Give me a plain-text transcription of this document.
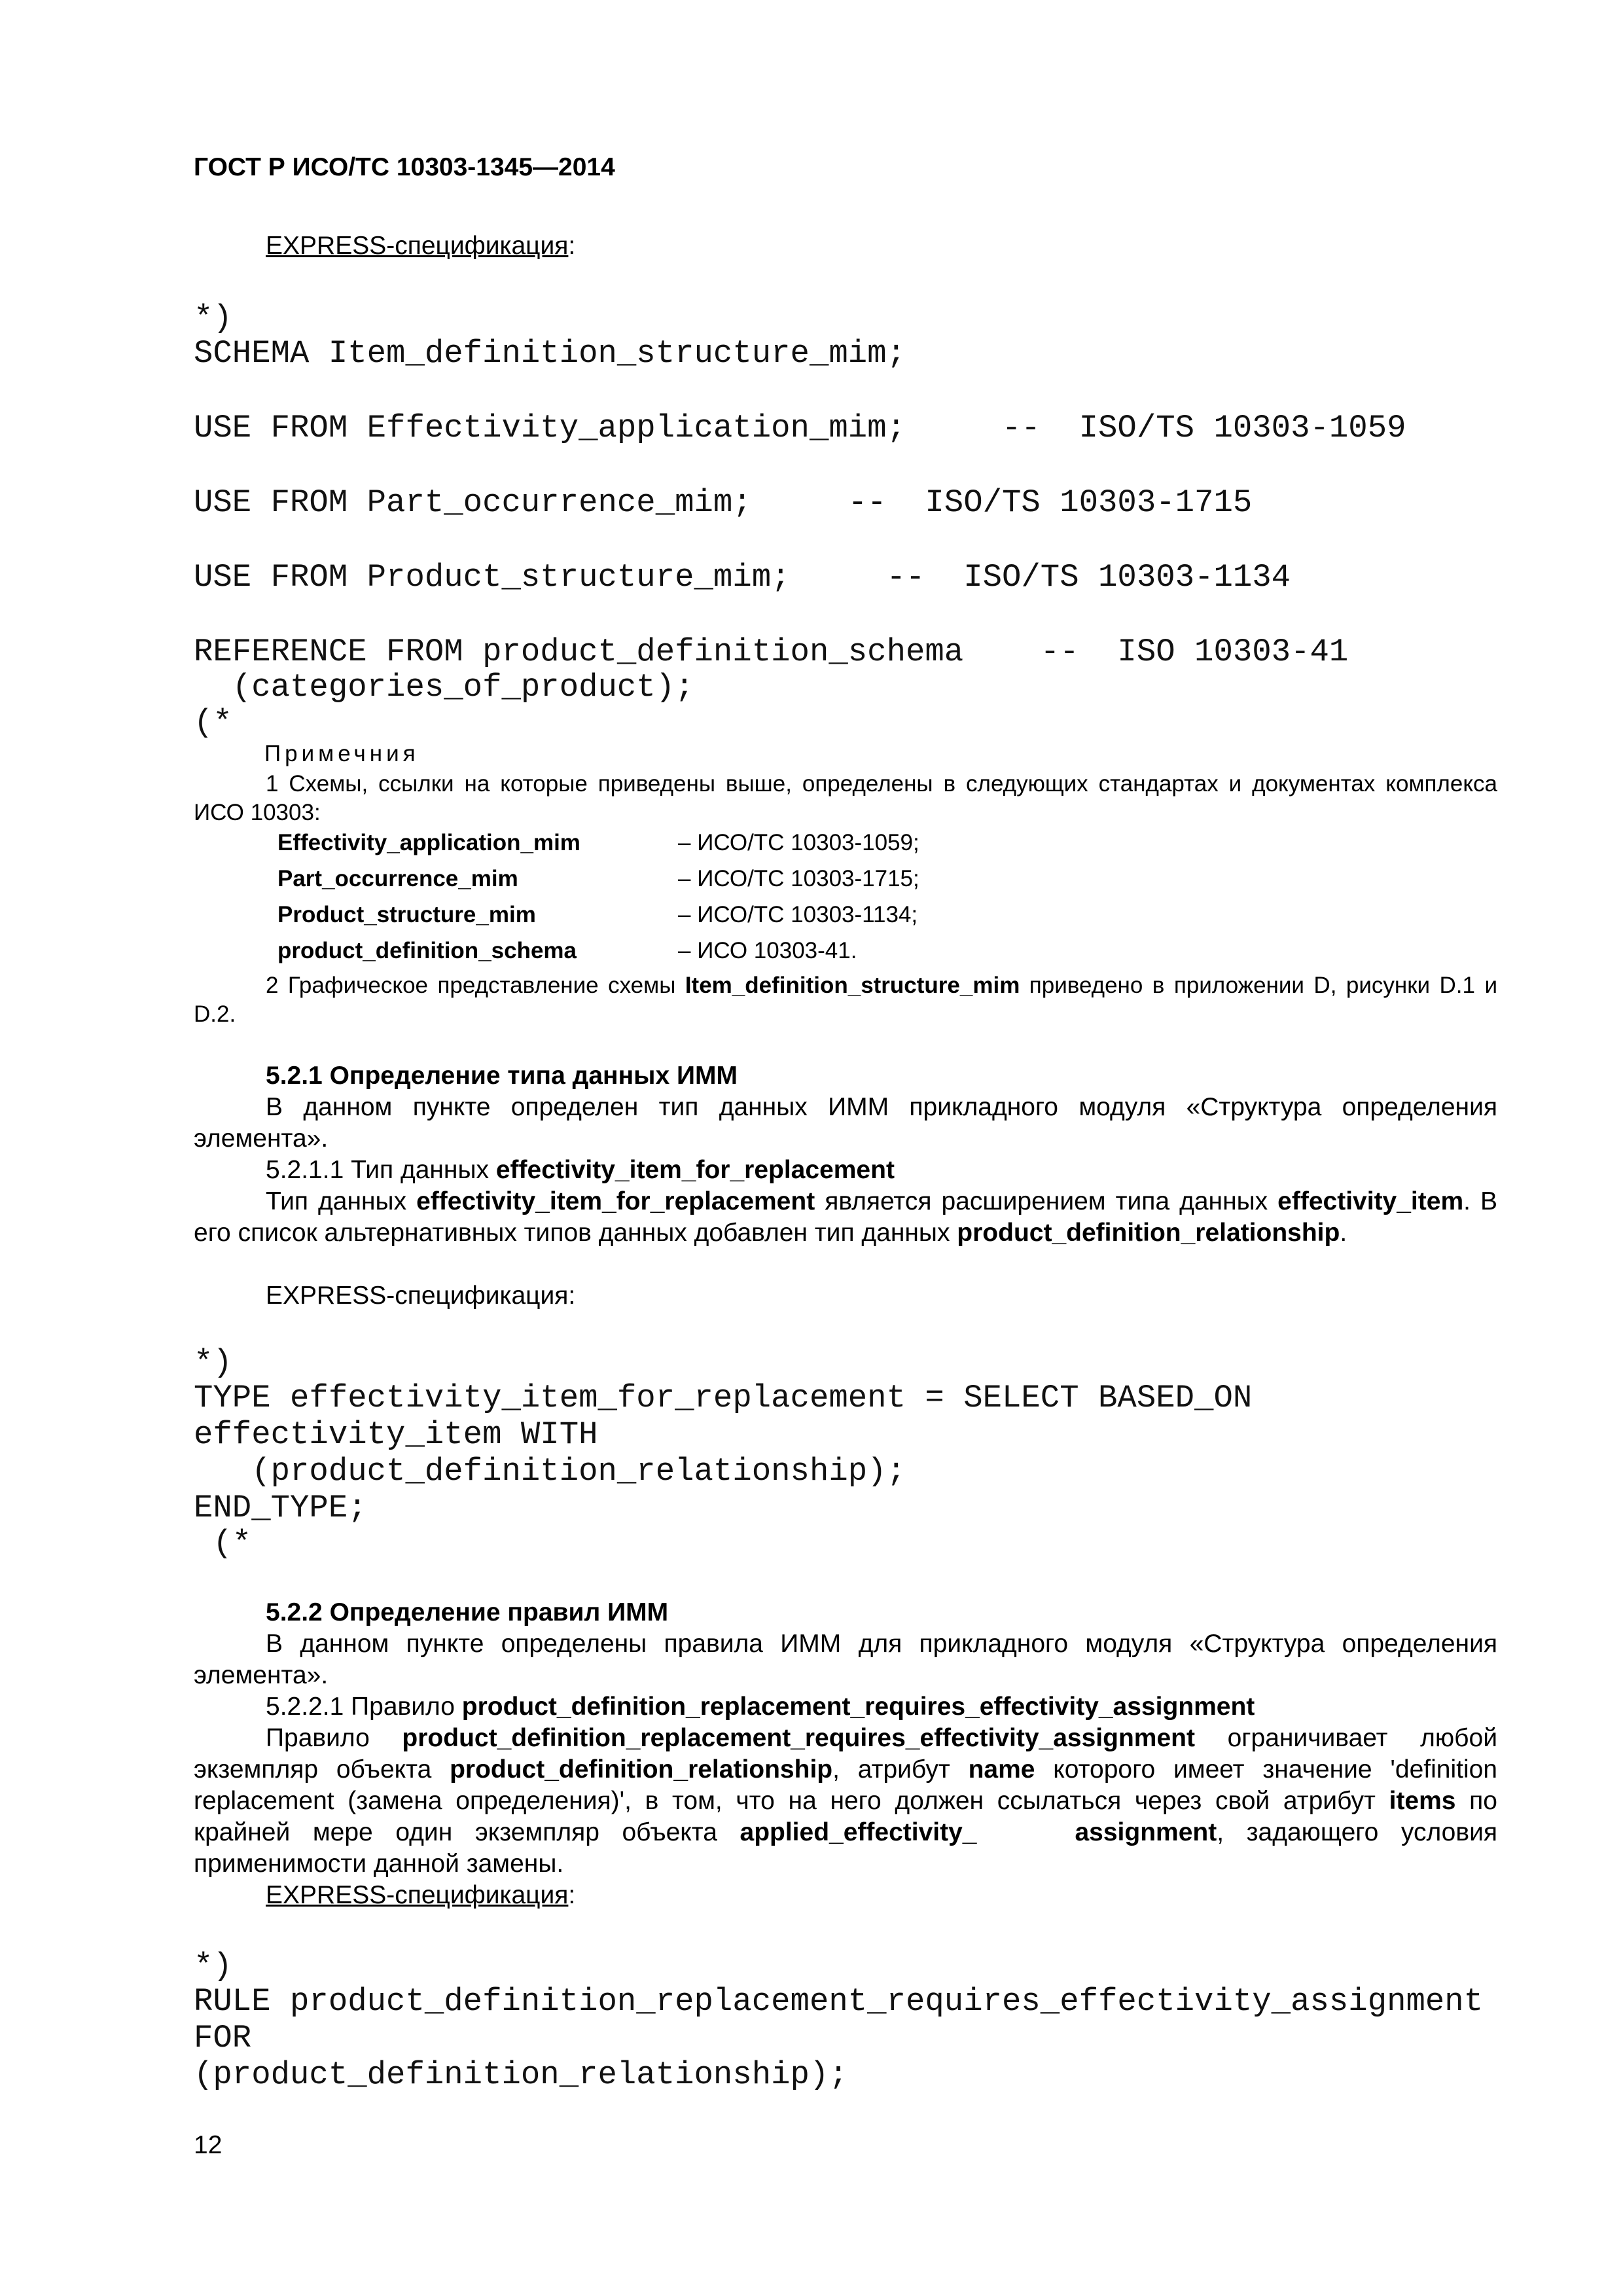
ГОСТ Р ИСО/ТС 10303-1345—2014
EXPRESS-спецификация:
*)
SCHEMA Item_definition_structure_mim;
USE FROM Effectivity_application_mim;     --  ISO/TS 10303-1059
USE FROM Part_occurrence_mim;     --  ISO/TS 10303-1715
USE FROM Product_structure_mim;     --  ISO/TS 10303-1134
REFERENCE FROM product_definition_schema    --  ISO 10303-41
(categories_of_product);
(*
Примечния
1 Схемы, ссылки на которые приведены выше, определены в следующих стандартах и документах комплекса ИСО 10303:
Effectivity_application_mim	– ИСО/ТС 10303-1059;
Part_occurrence_mim	– ИСО/ТС 10303-1715;
Product_structure_mim	– ИСО/ТС 10303-1134;
product_definition_schema	– ИСО 10303-41.
2 Графическое представление схемы Item_definition_structure_mim приведено в приложении D, рисунки D.1 и D.2.
5.2.1 Определение типа данных ИММ
В данном пункте определен тип данных ИММ прикладного модуля «Структура определения элемента».
5.2.1.1 Тип данных effectivity_item_for_replacement
Тип данных effectivity_item_for_replacement является расширением типа данных effectivity_item. В его список альтернативных типов данных добавлен тип данных product_definition_relationship.
EXPRESS-спецификация:
*)
TYPE effectivity_item_for_replacement = SELECT BASED_ON
effectivity_item WITH
(product_definition_relationship);
END_TYPE;
(*
5.2.2 Определение правил ИММ
В данном пункте определены правила ИММ для прикладного модуля «Структура определения элемента».
5.2.2.1 Правило product_definition_replacement_requires_effectivity_assignment
Правило product_definition_replacement_requires_effectivity_assignment ограничивает любой экземпляр объекта product_definition_relationship, атрибут name которого имеет значение 'definition replacement (замена определения)', в том, что на него должен ссылаться через свой атрибут items по крайней мере один экземпляр объекта applied_effectivity_	assignment, задающего условия применимости данной замены.
EXPRESS-спецификация:
*)
RULE product_definition_replacement_requires_effectivity_assignment
FOR
(product_definition_relationship);
12
